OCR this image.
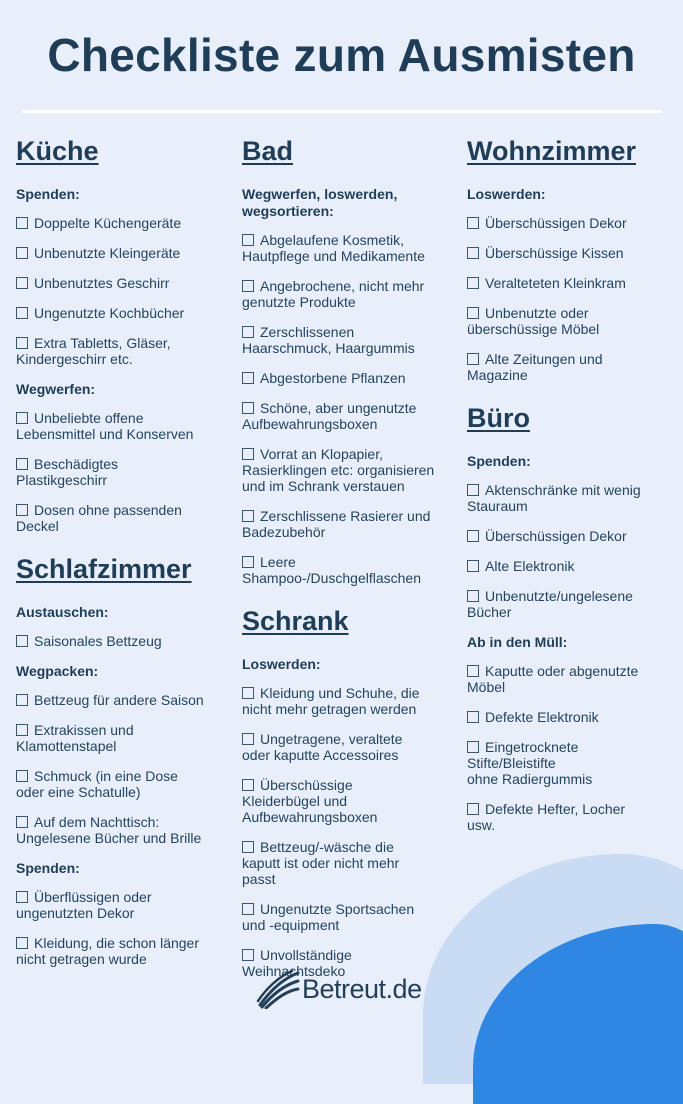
Checkliste zum Ausmisten
Küche
Spenden:
Doppelte Küchengeräte
Unbenutzte Kleingeräte
Unbenutztes Geschirr
Ungenutzte Kochbücher
Extra Tabletts, Gläser,
Kindergeschirr etc.
Wegwerfen:
Unbeliebte offene
Lebensmittel und Konserven
Beschädigtes
Plastikgeschirr
Dosen ohne passenden
Deckel
Schlafzimmer
Austauschen:
Saisonales Bettzeug
Wegpacken:
Bettzeug für andere Saison
Extrakissen und
Klamottenstapel
Schmuck (in eine Dose
oder eine Schatulle)
Auf dem Nachttisch:
Ungelesene Bücher und Brille
Spenden:
Überflüssigen oder
ungenutzten Dekor
Kleidung, die schon länger
nicht getragen wurde
Bad
Wegwerfen, loswerden,
wegsortieren:
Abgelaufene Kosmetik,
Hautpflege und Medikamente
Angebrochene, nicht mehr
genutzte Produkte
Zerschlissenen
Haarschmuck, Haargummis
Abgestorbene Pflanzen
Schöne, aber ungenutzte
Aufbewahrungsboxen
Vorrat an Klopapier,
Rasierklingen etc: organisieren
und im Schrank verstauen
Zerschlissene Rasierer und
Badezubehör
Leere
Shampoo-/Duschgelflaschen
Schrank
Loswerden:
Kleidung und Schuhe, die
nicht mehr getragen werden
Ungetragene, veraltete
oder kaputte Accessoires
Überschüssige
Kleiderbügel und
Aufbewahrungsboxen
Bettzeug/-wäsche die
kaputt ist oder nicht mehr
passt
Ungenutzte Sportsachen
und -equipment
Unvollständige
Weihnachtsdeko
Wohnzimmer
Loswerden:
Überschüssigen Dekor
Überschüssige Kissen
Veralteteten Kleinkram
Unbenutzte oder
überschüssige Möbel
Alte Zeitungen und
Magazine
Büro
Spenden:
Aktenschränke mit wenig
Stauraum
Überschüssigen Dekor
Alte Elektronik
Unbenutzte/ungelesene
Bücher
Ab in den Müll:
Kaputte oder abgenutzte
Möbel
Defekte Elektronik
Eingetrocknete
Stifte/Bleistifte
ohne Radiergummis
Defekte Hefter, Locher
usw.
Betreut.de
